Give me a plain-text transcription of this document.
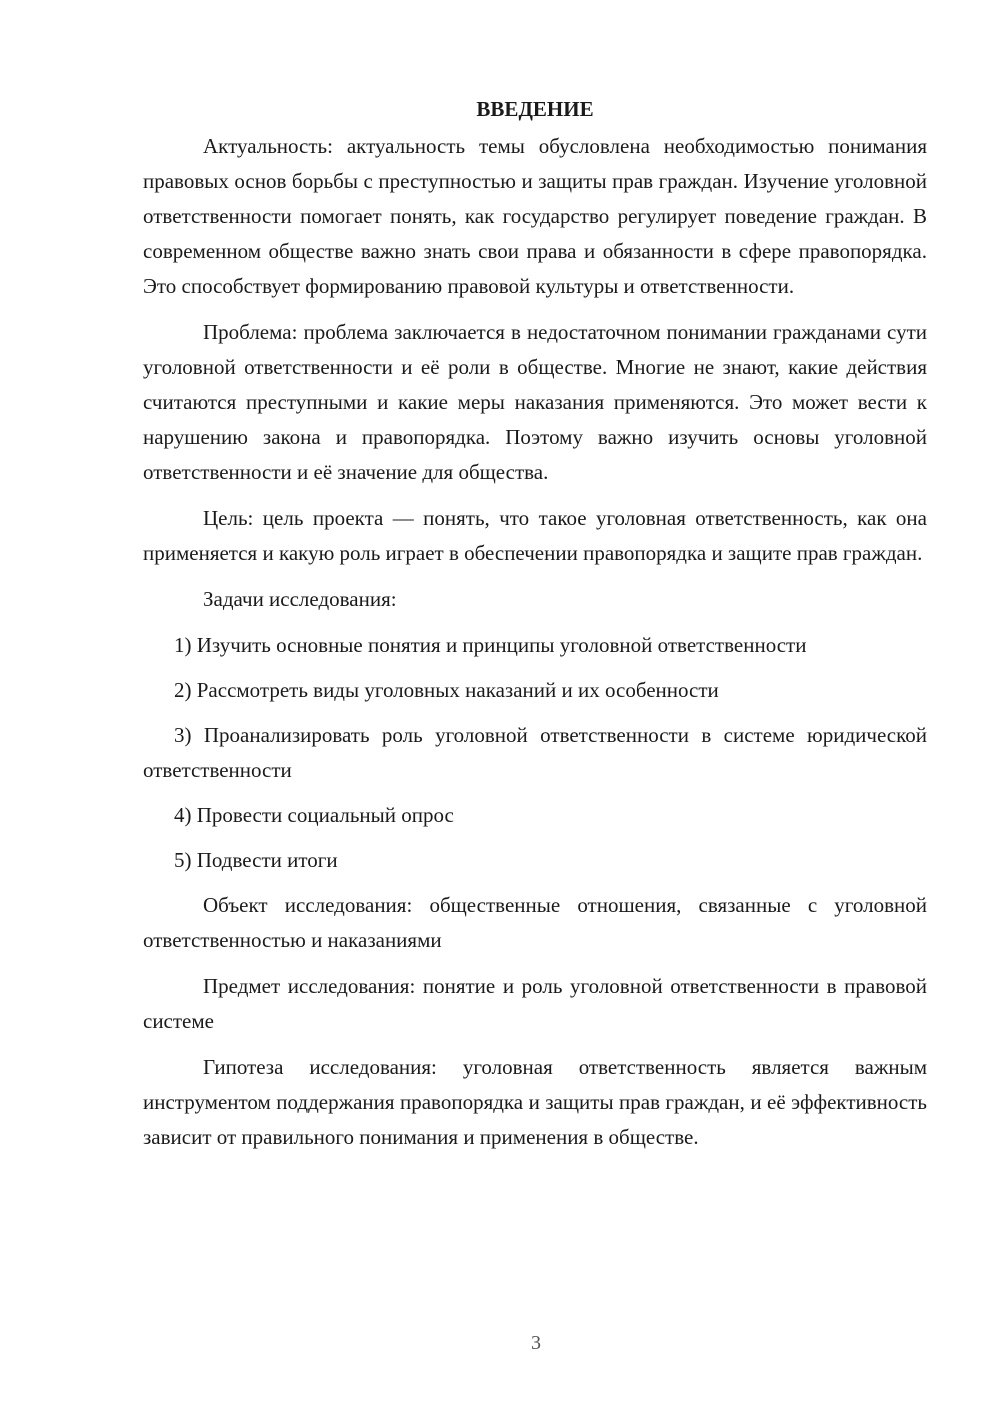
ВВЕДЕНИЕ

Актуальность: актуальность темы обусловлена необходимостью понимания правовых основ борьбы с преступностью и защиты прав граждан. Изучение уголовной ответственности помогает понять, как государство регулирует поведение граждан. В современном обществе важно знать свои права и обязанности в сфере правопорядка. Это способствует формированию правовой культуры и ответственности.

Проблема: проблема заключается в недостаточном понимании гражданами сути уголовной ответственности и её роли в обществе. Многие не знают, какие действия считаются преступными и какие меры наказания применяются. Это может вести к нарушению закона и правопорядка. Поэтому важно изучить основы уголовной ответственности и её значение для общества.

Цель: цель проекта — понять, что такое уголовная ответственность, как она применяется и какую роль играет в обеспечении правопорядка и защите прав граждан.

Задачи исследования:

1) Изучить основные понятия и принципы уголовной ответственности

2) Рассмотреть виды уголовных наказаний и их особенности

3) Проанализировать роль уголовной ответственности в системе юридической ответственности

4) Провести социальный опрос

5) Подвести итоги

Объект исследования: общественные отношения, связанные с уголовной ответственностью и наказаниями

Предмет исследования: понятие и роль уголовной ответственности в правовой системе

Гипотеза исследования: уголовная ответственность является важным инструментом поддержания правопорядка и защиты прав граждан, и её эффективность зависит от правильного понимания и применения в обществе.

3
